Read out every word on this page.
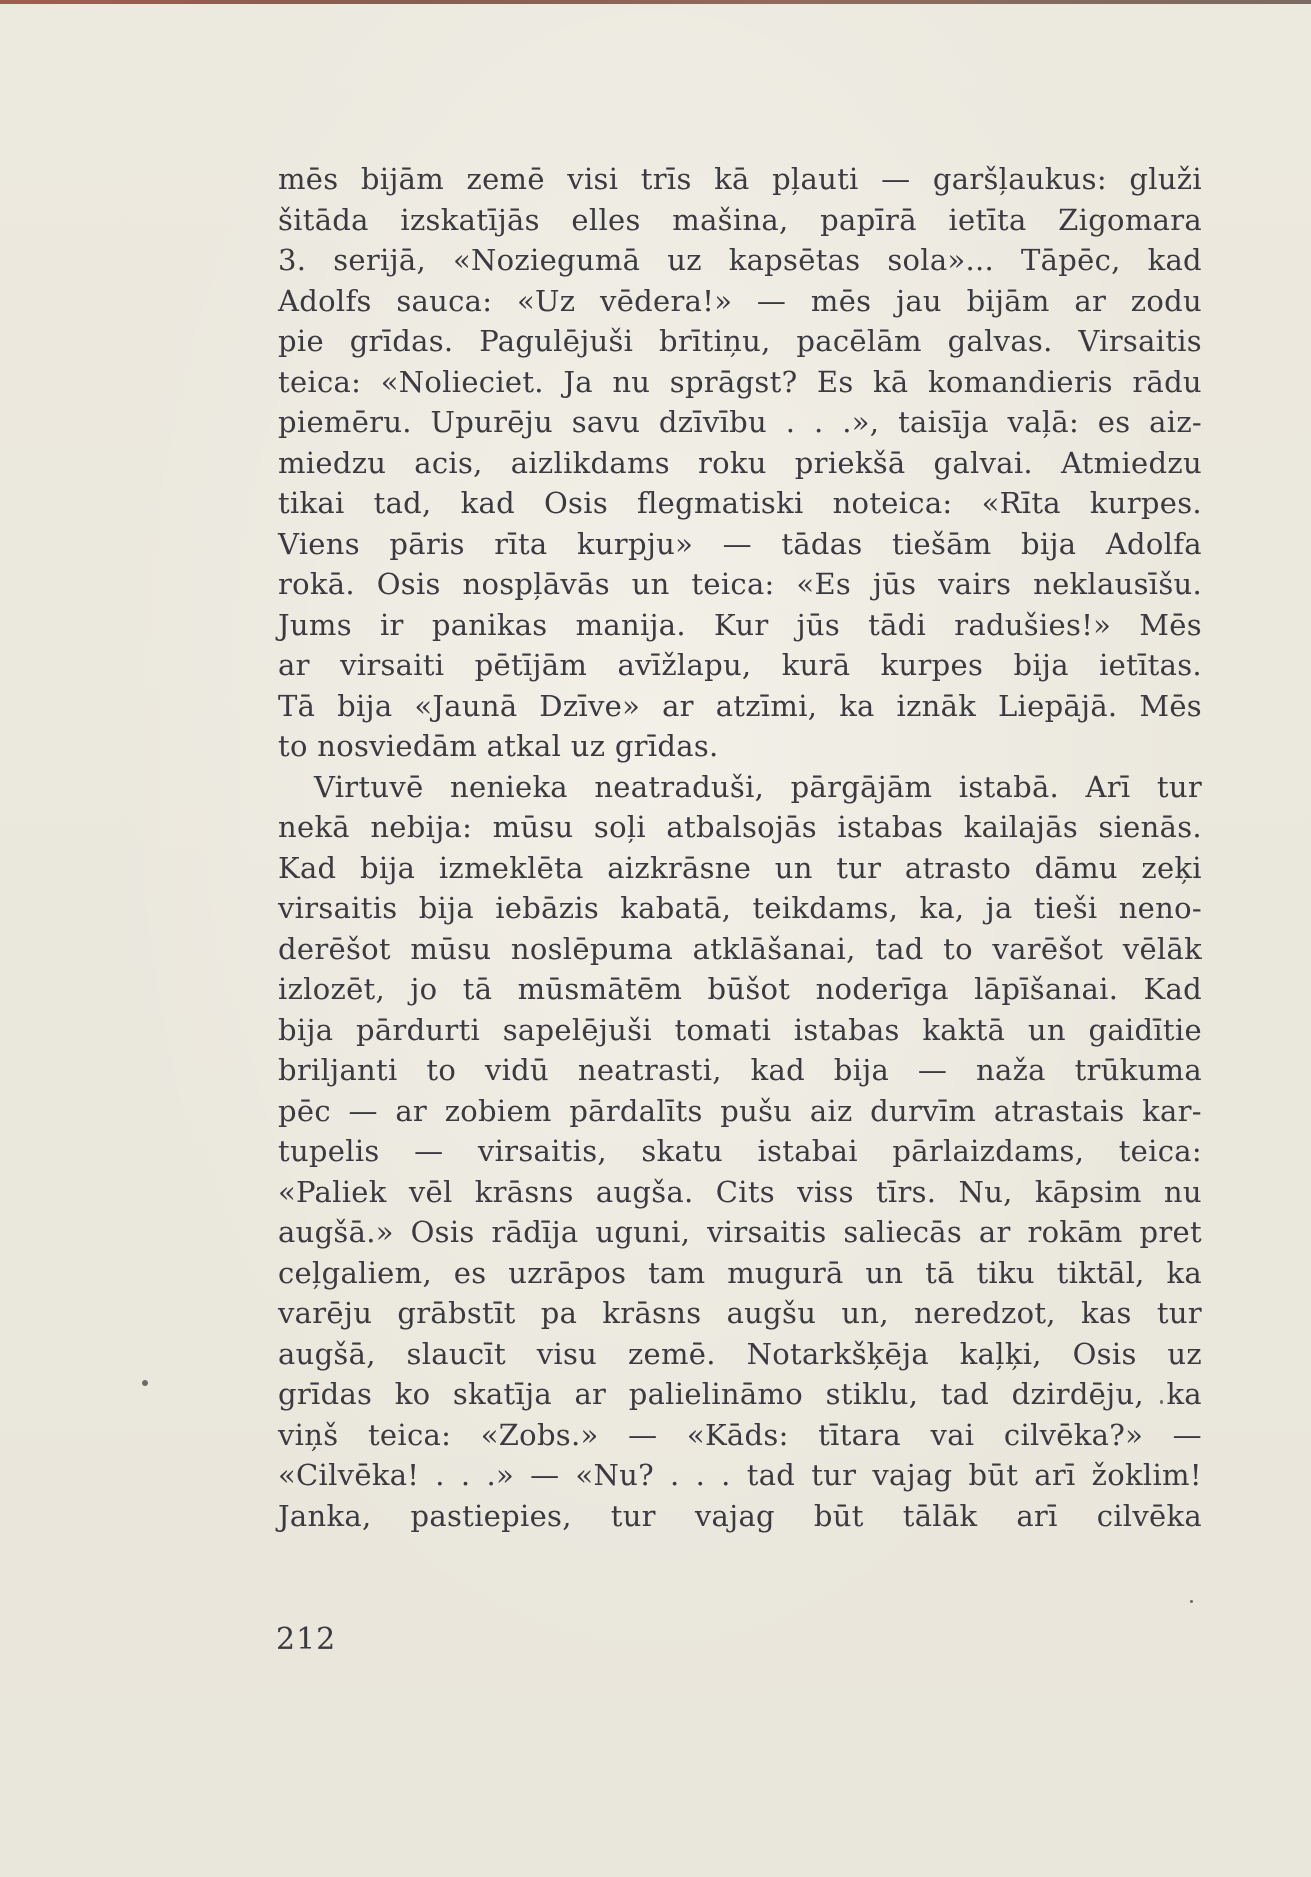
mēs bijām zemē visi trīs kā pļauti — garšļaukus: gluži
šitāda izskatījās elles mašina, papīrā ietīta Zigomara
3. serijā, «Noziegumā uz kapsētas sola»... Tāpēc, kad
Adolfs sauca: «Uz vēdera!» — mēs jau bijām ar zodu
pie grīdas. Pagulējuši brītiņu, pacēlām galvas. Virsaitis
teica: «Nolieciet. Ja nu sprāgst? Es kā komandieris rādu
piemēru. Upurēju savu dzīvību . . .», taisīja vaļā: es aiz-
miedzu acis, aizlikdams roku priekšā galvai. Atmiedzu
tikai tad, kad Osis flegmatiski noteica: «Rīta kurpes.
Viens pāris rīta kurpju» — tādas tiešām bija Adolfa
rokā. Osis nospļāvās un teica: «Es jūs vairs neklausīšu.
Jums ir panikas manija. Kur jūs tādi radušies!» Mēs
ar virsaiti pētījām avīžlapu, kurā kurpes bija ietītas.
Tā bija «Jaunā Dzīve» ar atzīmi, ka iznāk Liepājā. Mēs
to nosviedām atkal uz grīdas.
Virtuvē nenieka neatraduši, pārgājām istabā. Arī tur
nekā nebija: mūsu soļi atbalsojās istabas kailajās sienās.
Kad bija izmeklēta aizkrāsne un tur atrasto dāmu zeķi
virsaitis bija iebāzis kabatā, teikdams, ka, ja tieši neno-
derēšot mūsu noslēpuma atklāšanai, tad to varēšot vēlāk
izlozēt, jo tā mūsmātēm būšot noderīga lāpīšanai. Kad
bija pārdurti sapelējuši tomati istabas kaktā un gaidītie
briljanti to vidū neatrasti, kad bija — naža trūkuma
pēc — ar zobiem pārdalīts pušu aiz durvīm atrastais kar-
tupelis — virsaitis, skatu istabai pārlaizdams, teica:
«Paliek vēl krāsns augša. Cits viss tīrs. Nu, kāpsim nu
augšā.» Osis rādīja uguni, virsaitis saliecās ar rokām pret
ceļgaliem, es uzrāpos tam mugurā un tā tiku tiktāl, ka
varēju grābstīt pa krāsns augšu un, neredzot, kas tur
augšā, slaucīt visu zemē. Notarkšķēja kaļķi, Osis uz
grīdas ko skatīja ar palielināmo stiklu, tad dzirdēju, ka
viņš teica: «Zobs.» — «Kāds: tītara vai cilvēka?» —
«Cilvēka! . . .» — «Nu? . . . tad tur vajag būt arī žoklim!
Janka, pastiepies, tur vajag būt tālāk arī cilvēka
212
